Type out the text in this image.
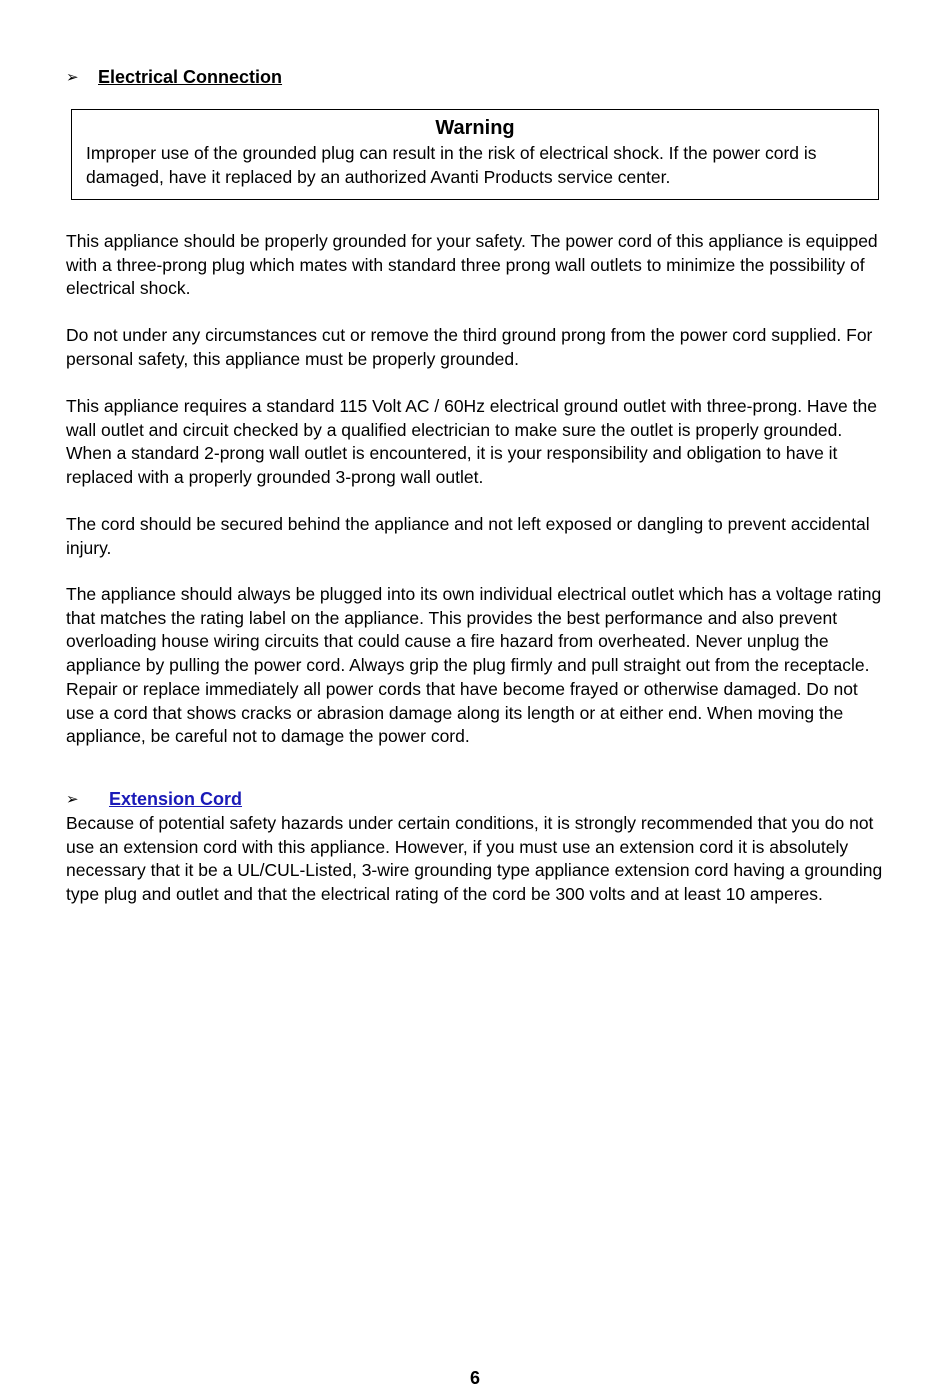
➢ Electrical Connection
Warning
Improper use of the grounded plug can result in the risk of electrical shock. If the power cord is damaged, have it replaced by an authorized Avanti Products service center.

This appliance should be properly grounded for your safety. The power cord of this appliance is equipped with a three-prong plug which mates with standard three prong wall outlets to minimize the possibility of electrical shock.

Do not under any circumstances cut or remove the third ground prong from the power cord supplied. For personal safety, this appliance must be properly grounded.

This appliance requires a standard 115 Volt AC / 60Hz electrical ground outlet with three-prong. Have the wall outlet and circuit checked by a qualified electrician to make sure the outlet is properly grounded. When a standard 2-prong wall outlet is encountered, it is your responsibility and obligation to have it replaced with a properly grounded 3-prong wall outlet.

The cord should be secured behind the appliance and not left exposed or dangling to prevent accidental injury.

The appliance should always be plugged into its own individual electrical outlet which has a voltage rating that matches the rating label on the appliance. This provides the best performance and also prevent overloading house wiring circuits that could cause a fire hazard from overheated. Never unplug the appliance by pulling the power cord. Always grip the plug firmly and pull straight out from the receptacle. Repair or replace immediately all power cords that have become frayed or otherwise damaged. Do not use a cord that shows cracks or abrasion damage along its length or at either end. When moving the appliance, be careful not to damage the power cord.

➢ Extension Cord

Because of potential safety hazards under certain conditions, it is strongly recommended that you do not use an extension cord with this appliance. However, if you must use an extension cord it is absolutely necessary that it be a UL/CUL-Listed, 3-wire grounding type appliance extension cord having a grounding type plug and outlet and that the electrical rating of the cord be 300 volts and at least 10 amperes.

6
